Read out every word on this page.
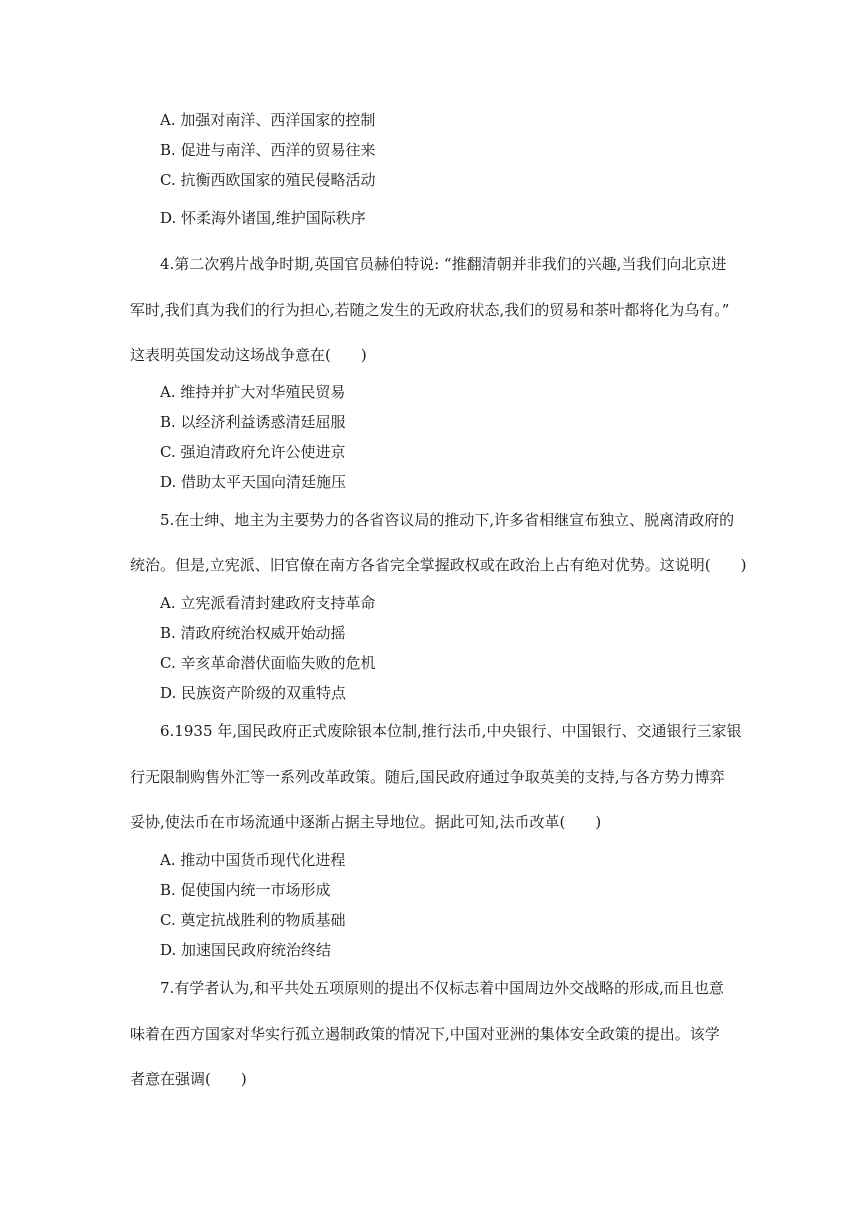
A. 加强对南洋、西洋国家的控制
B. 促进与南洋、西洋的贸易往来
C. 抗衡西欧国家的殖民侵略活动
D. 怀柔海外诸国,维护国际秩序
4.第二次鸦片战争时期,英国官员赫伯特说: “推翻清朝并非我们的兴趣,当我们向北京进
军时,我们真为我们的行为担心,若随之发生的无政府状态,我们的贸易和茶叶都将化为乌有。”
这表明英国发动这场战争意在(　　)
A. 维持并扩大对华殖民贸易
B. 以经济利益诱惑清廷屈服
C. 强迫清政府允许公使进京
D. 借助太平天国向清廷施压
5.在士绅、地主为主要势力的各省咨议局的推动下,许多省相继宣布独立、脱离清政府的
统治。但是,立宪派、旧官僚在南方各省完全掌握政权或在政治上占有绝对优势。这说明(　　)
A. 立宪派看清封建政府支持革命
B. 清政府统治权威开始动摇
C. 辛亥革命潜伏面临失败的危机
D. 民族资产阶级的双重特点
6.1935 年,国民政府正式废除银本位制,推行法币,中央银行、中国银行、交通银行三家银
行无限制购售外汇等一系列改革政策。随后,国民政府通过争取英美的支持,与各方势力博弈
妥协,使法币在市场流通中逐渐占据主导地位。据此可知,法币改革(　　)
A. 推动中国货币现代化进程
B. 促使国内统一市场形成
C. 奠定抗战胜利的物质基础
D. 加速国民政府统治终结
7.有学者认为,和平共处五项原则的提出不仅标志着中国周边外交战略的形成,而且也意
味着在西方国家对华实行孤立遏制政策的情况下,中国对亚洲的集体安全政策的提出。该学
者意在强调(　　)
